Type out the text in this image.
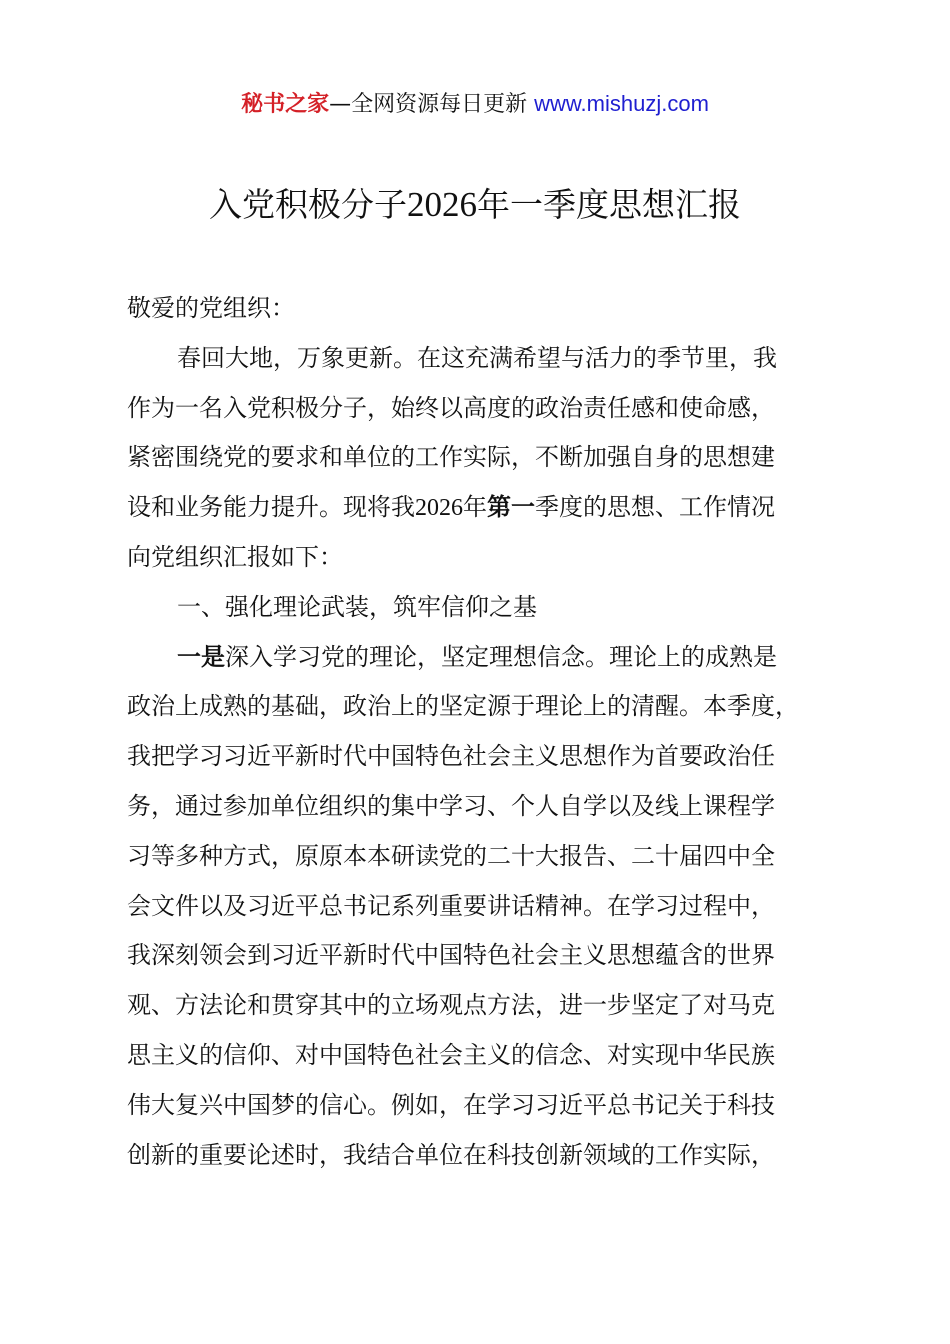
秘书之家—全网资源每日更新 www.mishuzj.com
入党积极分子2026年一季度思想汇报
敬爱的党组织：
春回大地，万象更新。在这充满希望与活力的季节里，我
作为一名入党积极分子，始终以高度的政治责任感和使命感，
紧密围绕党的要求和单位的工作实际，不断加强自身的思想建
设和业务能力提升。现将我2026年第一季度的思想、工作情况
向党组织汇报如下：
一、强化理论武装，筑牢信仰之基
一是深入学习党的理论，坚定理想信念。理论上的成熟是
政治上成熟的基础，政治上的坚定源于理论上的清醒。本季度，
我把学习习近平新时代中国特色社会主义思想作为首要政治任
务，通过参加单位组织的集中学习、个人自学以及线上课程学
习等多种方式，原原本本研读党的二十大报告、二十届四中全
会文件以及习近平总书记系列重要讲话精神。在学习过程中，
我深刻领会到习近平新时代中国特色社会主义思想蕴含的世界
观、方法论和贯穿其中的立场观点方法，进一步坚定了对马克
思主义的信仰、对中国特色社会主义的信念、对实现中华民族
伟大复兴中国梦的信心。例如，在学习习近平总书记关于科技
创新的重要论述时，我结合单位在科技创新领域的工作实际，
